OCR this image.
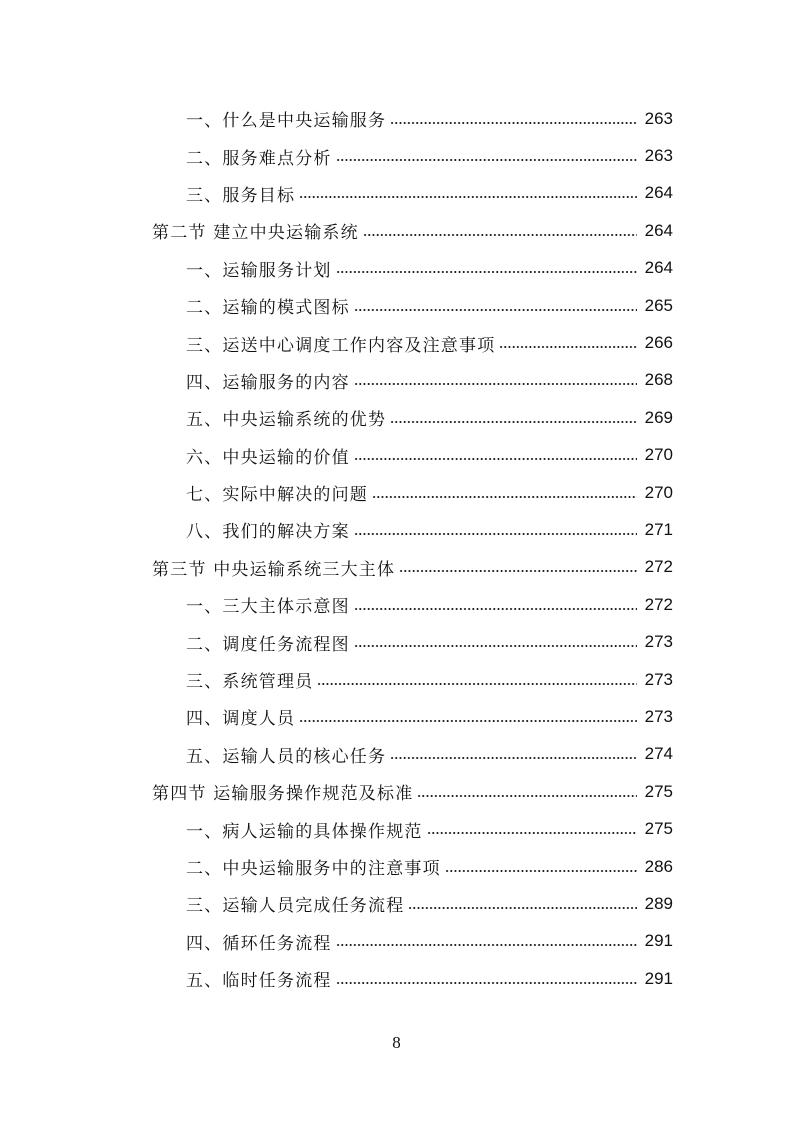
一、什么是中央运输服务	263
二、服务难点分析	263
三、服务目标	264
第二节 建立中央运输系统	264
一、运输服务计划	264
二、运输的模式图标	265
三、运送中心调度工作内容及注意事项	266
四、运输服务的内容	268
五、中央运输系统的优势	269
六、中央运输的价值	270
七、实际中解决的问题	270
八、我们的解决方案	271
第三节 中央运输系统三大主体	272
一、三大主体示意图	272
二、调度任务流程图	273
三、系统管理员	273
四、调度人员	273
五、运输人员的核心任务	274
第四节 运输服务操作规范及标准	275
一、病人运输的具体操作规范	275
二、中央运输服务中的注意事项	286
三、运输人员完成任务流程	289
四、循环任务流程	291
五、临时任务流程	291
8
